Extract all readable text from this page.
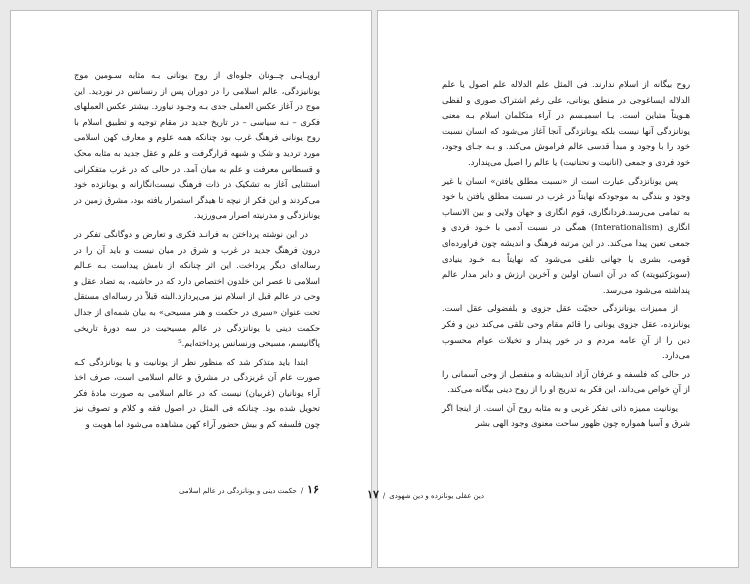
اروپـایـی چــونان جلوه‌ای از روح یونانی بـه مثابه سـومین موج یونانیزدگی، عالم اسلامی را در دوران پس از رنسانس در نوردید. این موج در آغاز عکس العملی جدی بـه وجـود نیاورد. بیشتر عکس العملهای فکری – نـه سیاسی – در تاریخ جدید در مقام توجیه و تطبیق اسلام با روح یونانی فرهنگ غرب بود چنانکه همه علوم و معارف کهن اسلامی مورد تردید و شک و شبهه قرارگرفت و علم و عقل جدید به مثابه محک و قسطاس معرفت و علم به میان آمد. در حالی که در غرب متفکرانی استثنایی آغاز به تشکیک در ذات فرهنگ نیست‌انگارانه و یونانزده خود می‌کردند و این فکر از نیچه تا هیدگر استمرار یافته بود، مشرق زمین در یونانزدگی و مدرنیته اصرار می‌ورزید.

در این نوشته پرداختن به فرانـد فکری و تعارض و دوگانگی تفکر در درون فرهنگ جدید در غرب و شرق در میان نیست و باید آن را در رساله‌ای دیگر پرداخت. این اثر چنانکه از نامش پیداست بـه عـالم اسلامی تا عصر ابن خلدون اختصاص دارد که در حاشیه، به تضاد عقل و وحی در عالم قبل از اسلام نیز می‌پردازد.البته قبلاً در رساله‌ای مستقل تحت عنوان «سیری در حکمت و هنر مسیحی» به بیان شمه‌ای از جدال حکمت دینی با یونانزدگی در عالم مسیحیت در سه دورهٔ تاریخی پاگانیسم، مسیحی ورنسانس پرداخته‌ایم.⁵

ابتدا باید متذکر شد که منظور نظر از یونانیت و یا یونانزدگی کـه صورت عام آن غربزدگی در مشرق و عالم اسلامی است، صرف اخذ آراء یونانیان (غربیان) نیست که در عالم اسلامی به صورت مادهٔ فکر تحویل شده بود. چنانکه فی المثل در اصول فقه و کلام و تصوف نیز چون فلسفه کم و بیش حضور آراء کهن مشاهده می‌شود اما هویت و

۱۶/حکمت دینی و یونانزدگی در عالم اسلامی

روح بیگانه از اسلام ندارند. فی المثل علم الدلاله علم اصول یا علم الدلاله ایساغوجی در منطق یونانی، علی رغم اشتراک صوری و لفظی هـویتاً متباین است. یـا اسمیـسم در آراء متکلمان اسلام بـه معنی یونانزدگی آنها نیست بلکه یونانزدگی آنجا آغاز می‌شود که انسان نسبت خود را با وجود و مبدأ قدسی عالم فراموش می‌کند. و بـه جـای وجود، خود فردی و جمعی (انانیت و نحنانیت) یا عالم را اصیل می‌پندارد.

پس یونانزدگی عبارت است از «نسبت مطلق یافتن» انسان با غیر وجود و بندگی به موجودکه نهایتاً در غرب در نسبت مطلق یافتن با خود به تمامی می‌رسد.فردانگاری، قوم انگاری و جهان ولایی و بین الانساب انگاری (Interationalism) همگی در نسبت آدمی با خـود فردی و جمعی تعین پیدا می‌کند. در این مرتبه فرهنگ و اندیشه چون فراورده‌ای قومی، بشری یا جهانی تلقی می‌شود که نهایتاً بـه خـود بنیادی (سوبژکتیویته) که در آن انسان اولین و آخرین ارزش و دایر مدار عالم پنداشته می‌شود می‌رسد.

از ممیزات یونانزدگی حجیّت عقل جزوی و بلفضولی عقل است. یونانزده، عقل جزوی یونانی را قائم مقام وحی تلقی می‌کند دین و فکر دین را از آنِ عامه مردم و در خور پندار و تخیلات عوام محسوب می‌دارد.

در حالی که فلسفه و عرفان آزاد اندیشانه و منفصل از وحی آسمانی را از آنِ خواص می‌داند، این فکر به تدریج او را از روح دینی بیگانه می‌کند.

یونانیت ممیزه ذاتی تفکر غربی و به مثابه روح آن است. از اینجا اگر شرق و آسیا همواره چون ظهور ساحت معنوی وجود الهی بشر

دین عقلی یونانزده و دین شهودی/۱۷
